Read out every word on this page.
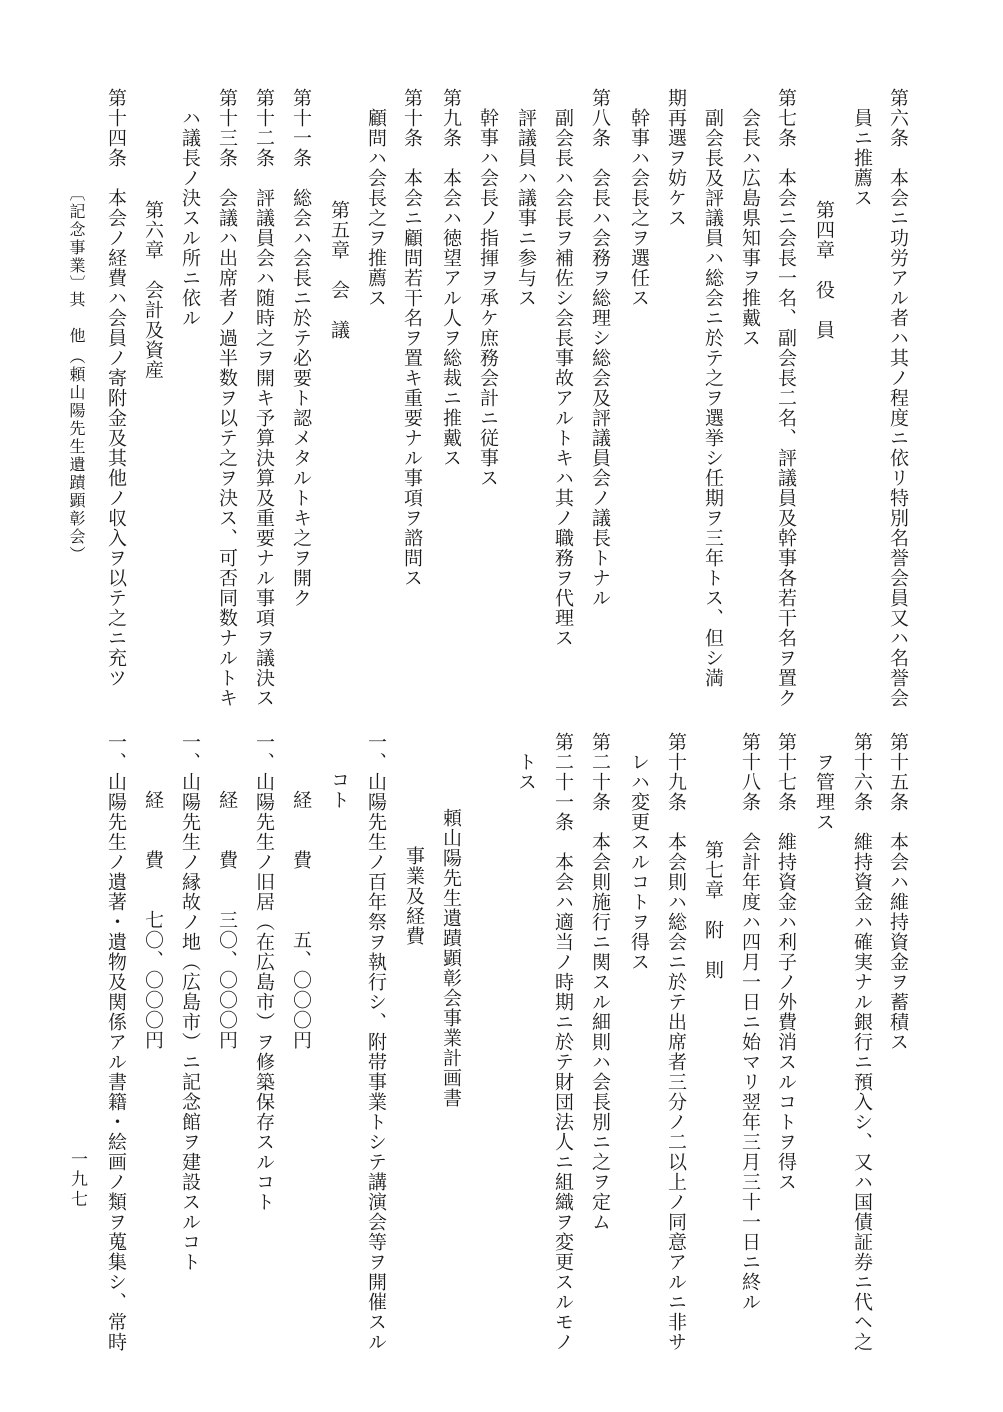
第六条　本会ニ功労アル者ハ其ノ程度ニ依リ特別名誉会員又ハ名誉会
員ニ推薦ス
第四章　役　員
第七条　本会ニ会長一名、副会長二名、評議員及幹事各若干名ヲ置ク
会長ハ広島県知事ヲ推戴ス
副会長及評議員ハ総会ニ於テ之ヲ選挙シ任期ヲ三年トス、但シ満
期再選ヲ妨ケス
幹事ハ会長之ヲ選任ス
第八条　会長ハ会務ヲ総理シ総会及評議員会ノ議長トナル
副会長ハ会長ヲ補佐シ会長事故アルトキハ其ノ職務ヲ代理ス
評議員ハ議事ニ参与ス
幹事ハ会長ノ指揮ヲ承ケ庶務会計ニ従事ス
第九条　本会ハ徳望アル人ヲ総裁ニ推戴ス
第十条　本会ニ顧問若干名ヲ置キ重要ナル事項ヲ諮問ス
顧問ハ会長之ヲ推薦ス
第五章　会　議
第十一条　総会ハ会長ニ於テ必要ト認メタルトキ之ヲ開ク
第十二条　評議員会ハ随時之ヲ開キ予算決算及重要ナル事項ヲ議決ス
第十三条　会議ハ出席者ノ過半数ヲ以テ之ヲ決ス、可否同数ナルトキ
ハ議長ノ決スル所ニ依ル
第六章　会計及資産
第十四条　本会ノ経費ハ会員ノ寄附金及其他ノ収入ヲ以テ之ニ充ツ
〔記念事業〕
其　他
（頼山陽先生遺蹟顕彰会）
第十五条　本会ハ維持資金ヲ蓄積ス
第十六条　維持資金ハ確実ナル銀行ニ預入シ、又ハ国債証券ニ代ヘ之
ヲ管理ス
第十七条　維持資金ハ利子ノ外費消スルコトヲ得ス
第十八条　会計年度ハ四月一日ニ始マリ翌年三月三十一日ニ終ル
第七章　附　則
第十九条　本会則ハ総会ニ於テ出席者三分ノ二以上ノ同意アルニ非サ
レハ変更スルコトヲ得ス
第二十条　本会則施行ニ関スル細則ハ会長別ニ之ヲ定ム
第二十一条　本会ハ適当ノ時期ニ於テ財団法人ニ組織ヲ変更スルモノ
トス
頼山陽先生遺蹟顕彰会事業計画書
事業及経費
一、山陽先生ノ百年祭ヲ執行シ、附帯事業トシテ講演会等ヲ開催スル
コト
経　　費　　　五、〇〇〇円
一、山陽先生ノ旧居（在広島市）ヲ修築保存スルコト
経　　費　　三〇、〇〇〇円
一、山陽先生ノ縁故ノ地（広島市）ニ記念館ヲ建設スルコト
経　　費　　七〇、〇〇〇円
一、山陽先生ノ遺著・遺物及関係アル書籍・絵画ノ類ヲ蒐集シ、常時
一九七
